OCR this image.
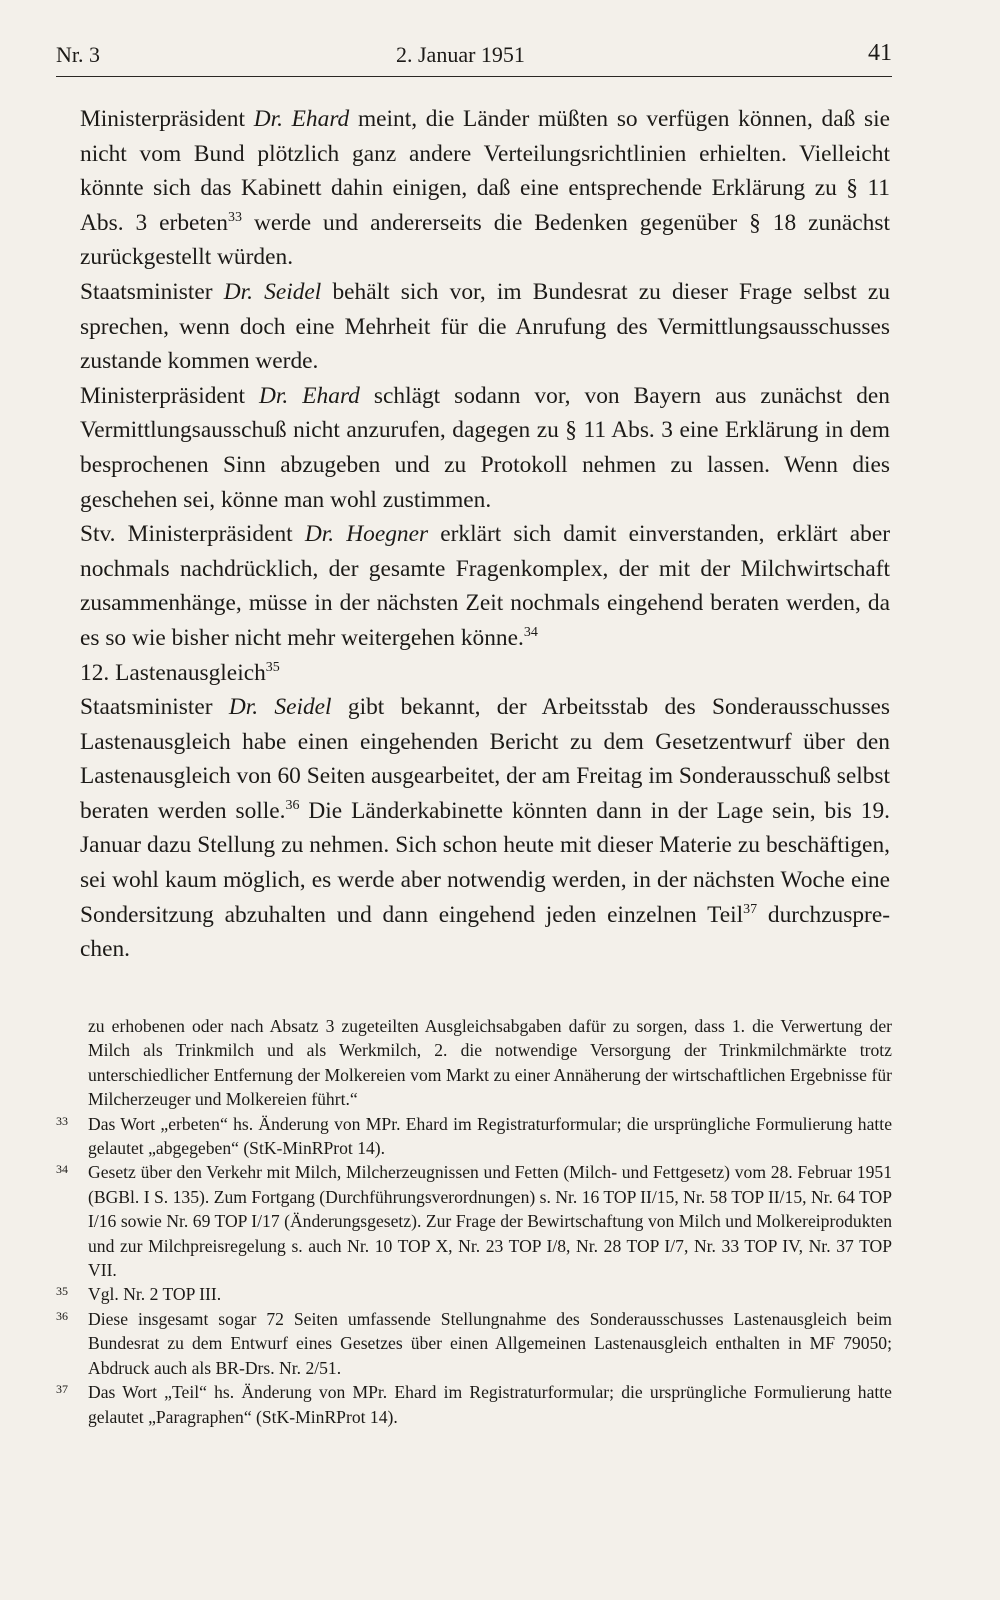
Nr. 3	2. Januar 1951	41

Ministerpräsident Dr. Ehard meint, die Länder müßten so verfügen können, daß sie nicht vom Bund plötzlich ganz andere Verteilungsrichtlinien erhielten. Vielleicht könnte sich das Kabinett dahin einigen, daß eine entsprechende Erklärung zu § 11 Abs. 3 erbeten$^{33}$ werde und andererseits die Bedenken gegenüber § 18 zunächst zurückgestellt würden.

Staatsminister Dr. Seidel behält sich vor, im Bundesrat zu dieser Frage selbst zu sprechen, wenn doch eine Mehrheit für die Anrufung des Vermittlungsausschusses zustande kommen werde.

Ministerpräsident Dr. Ehard schlägt sodann vor, von Bayern aus zunächst den Vermittlungsausschuß nicht anzurufen, dagegen zu § 11 Abs. 3 eine Erklärung in dem besprochenen Sinn abzugeben und zu Protokoll nehmen zu lassen. Wenn dies geschehen sei, könne man wohl zustimmen.

Stv. Ministerpräsident Dr. Hoegner erklärt sich damit einverstanden, erklärt aber nochmals nachdrücklich, der gesamte Fragenkomplex, der mit der Milchwirtschaft zusammenhänge, müsse in der nächsten Zeit nochmals eingehend beraten werden, da es so wie bisher nicht mehr weitergehen könne.$^{34}$

12. Lastenausgleich$^{35}$

Staatsminister Dr. Seidel gibt bekannt, der Arbeitsstab des Sonderausschusses Lastenausgleich habe einen eingehenden Bericht zu dem Gesetzentwurf über den Lastenausgleich von 60 Seiten ausgearbeitet, der am Freitag im Sonderausschuß selbst beraten werden solle.$^{36}$ Die Länderkabinette könnten dann in der Lage sein, bis 19. Januar dazu Stellung zu nehmen. Sich schon heute mit dieser Materie zu beschäftigen, sei wohl kaum möglich, es werde aber notwendig werden, in der nächsten Woche eine Sondersitzung abzuhalten und dann eingehend jeden einzelnen Teil$^{37}$ durchzusprechen.

zu erhobenen oder nach Absatz 3 zugeteilten Ausgleichsabgaben dafür zu sorgen, dass 1. die Verwertung der Milch als Trinkmilch und als Werkmilch, 2. die notwendige Versorgung der Trinkmilchmärkte trotz unterschiedlicher Entfernung der Molkereien vom Markt zu einer Annäherung der wirtschaftlichen Ergebnisse für Milcherzeuger und Molkereien führt.“

33 Das Wort „erbeten“ hs. Änderung von MPr. Ehard im Registraturformular; die ursprüngliche Formulierung hatte gelautet „abgegeben“ (StK-MinRProt 14).

34 Gesetz über den Verkehr mit Milch, Milcherzeugnissen und Fetten (Milch- und Fettgesetz) vom 28. Februar 1951 (BGBl. I S. 135). Zum Fortgang (Durchführungsverordnungen) s. Nr. 16 TOP II/15, Nr. 58 TOP II/15, Nr. 64 TOP I/16 sowie Nr. 69 TOP I/17 (Änderungsgesetz). Zur Frage der Bewirtschaftung von Milch und Molkereiprodukten und zur Milchpreisregelung s. auch Nr. 10 TOP X, Nr. 23 TOP I/8, Nr. 28 TOP I/7, Nr. 33 TOP IV, Nr. 37 TOP VII.

35 Vgl. Nr. 2 TOP III.

36 Diese insgesamt sogar 72 Seiten umfassende Stellungnahme des Sonderausschusses Lastenausgleich beim Bundesrat zu dem Entwurf eines Gesetzes über einen Allgemeinen Lastenausgleich enthalten in MF 79050; Abdruck auch als BR-Drs. Nr. 2/51.

37 Das Wort „Teil“ hs. Änderung von MPr. Ehard im Registraturformular; die ursprüngliche Formulierung hatte gelautet „Paragraphen“ (StK-MinRProt 14).
